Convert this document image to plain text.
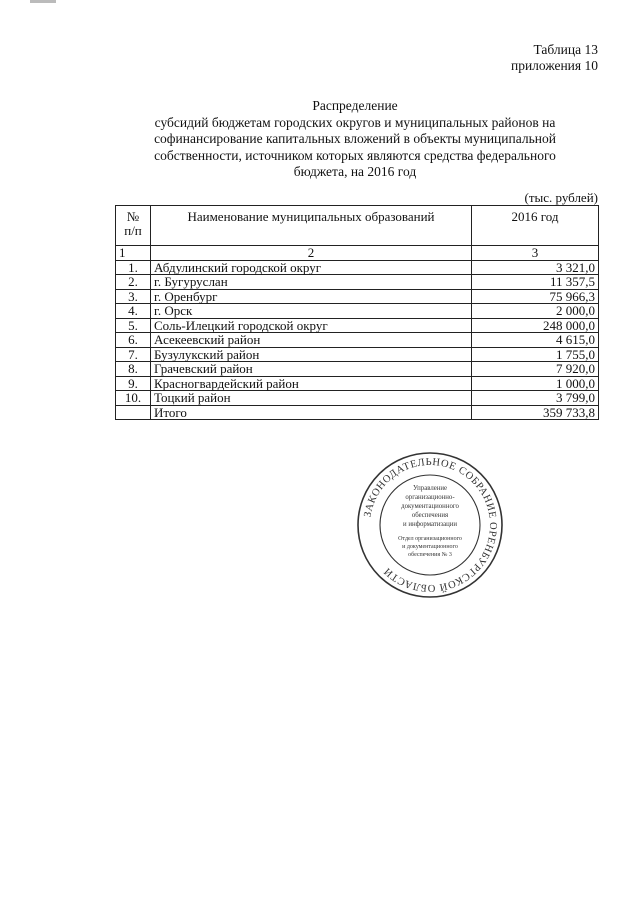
Таблица 13
приложения 10
Распределение
субсидий бюджетам городских округов и муниципальных районов на
софинансирование капитальных вложений в объекты муниципальной
собственности, источником которых являются средства федерального
бюджета, на 2016 год
(тыс. рублей)
№
п/п	Наименование муниципальных образований	2016 год
1	2	3
1.	Абдулинский городской округ	3 321,0
2.	г. Бугуруслан	11 357,5
3.	г. Оренбург	75 966,3
4.	г. Орск	2 000,0
5.	Соль-Илецкий городской округ	248 000,0
6.	Асекеевский район	4 615,0
7.	Бузулукский район	1 755,0
8.	Грачевский район	7 920,0
9.	Красногвардейский район	1 000,0
10.	Тоцкий район	3 799,0
	Итого	359 733,8
ЗАКОНОДАТЕЛЬНОЕ СОБРАНИЕ ОРЕНБУРГСКОЙ ОБЛАСТИ
Управление
организационно-
документационного
обеспечения
и информатизации
Отдел организационного
и документационного
обеспечения № 3
